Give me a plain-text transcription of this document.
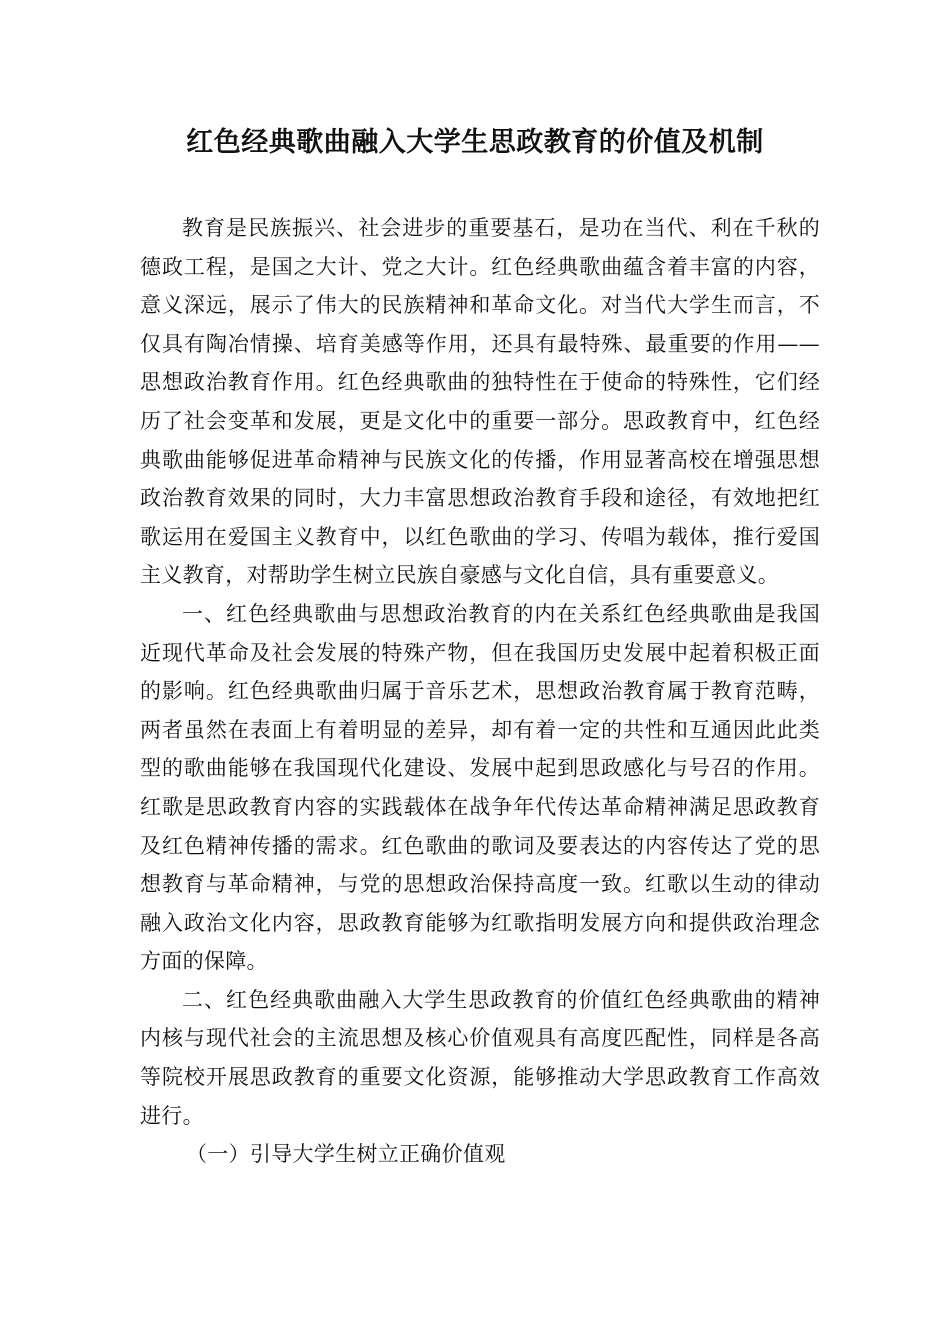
红色经典歌曲融入大学生思政教育的价值及机制

教育是民族振兴、社会进步的重要基石，是功在当代、利在千秋的德政工程，是国之大计、党之大计。红色经典歌曲蕴含着丰富的内容，意义深远，展示了伟大的民族精神和革命文化。对当代大学生而言，不仅具有陶冶情操、培育美感等作用，还具有最特殊、最重要的作用——思想政治教育作用。红色经典歌曲的独特性在于使命的特殊性，它们经历了社会变革和发展，更是文化中的重要一部分。思政教育中，红色经典歌曲能够促进革命精神与民族文化的传播，作用显著高校在增强思想政治教育效果的同时，大力丰富思想政治教育手段和途径，有效地把红歌运用在爱国主义教育中，以红色歌曲的学习、传唱为载体，推行爱国主义教育，对帮助学生树立民族自豪感与文化自信，具有重要意义。

一、红色经典歌曲与思想政治教育的内在关系红色经典歌曲是我国近现代革命及社会发展的特殊产物，但在我国历史发展中起着积极正面的影响。红色经典歌曲归属于音乐艺术，思想政治教育属于教育范畴，两者虽然在表面上有着明显的差异，却有着一定的共性和互通因此此类型的歌曲能够在我国现代化建设、发展中起到思政感化与号召的作用。红歌是思政教育内容的实践载体在战争年代传达革命精神满足思政教育及红色精神传播的需求。红色歌曲的歌词及要表达的内容传达了党的思想教育与革命精神，与党的思想政治保持高度一致。红歌以生动的律动融入政治文化内容，思政教育能够为红歌指明发展方向和提供政治理念方面的保障。

二、红色经典歌曲融入大学生思政教育的价值红色经典歌曲的精神内核与现代社会的主流思想及核心价值观具有高度匹配性，同样是各高等院校开展思政教育的重要文化资源，能够推动大学思政教育工作高效进行。

（一）引导大学生树立正确价值观
